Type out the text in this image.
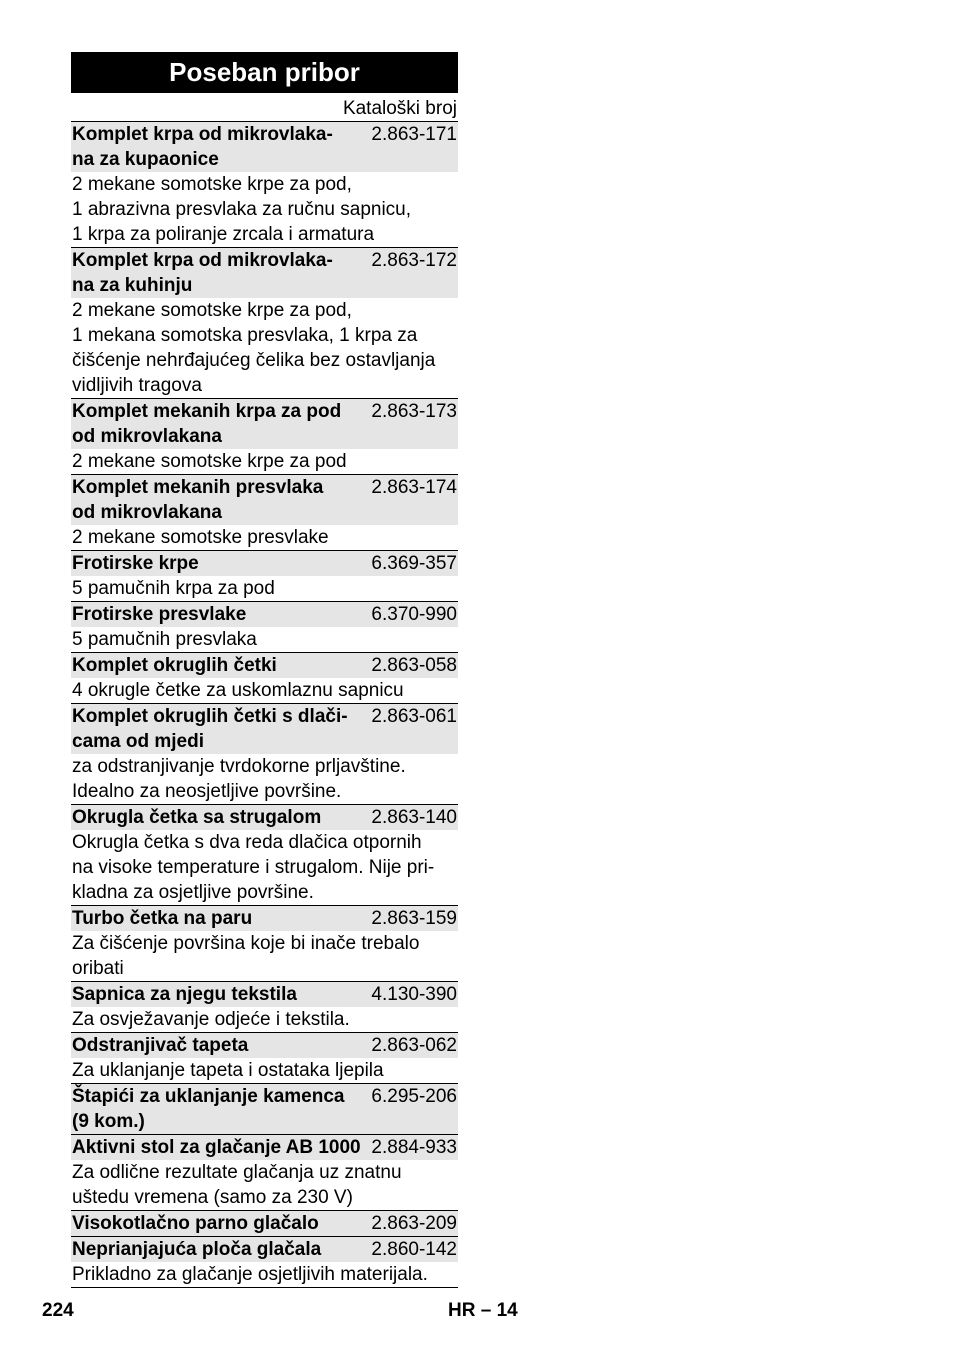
Poseban pribor
Kataloški broj
Komplet krpa od mikrovlaka-
na za kupaonice
2.863-171
2 mekane somotske krpe za pod,
1 abrazivna presvlaka za ručnu sapnicu,
1 krpa za poliranje zrcala i armatura
Komplet krpa od mikrovlaka-
na za kuhinju
2.863-172
2 mekane somotske krpe za pod,
1 mekana somotska presvlaka, 1 krpa za
čišćenje nehrđajućeg čelika bez ostavljanja
vidljivih tragova
Komplet mekanih krpa za pod
od mikrovlakana
2.863-173
2 mekane somotske krpe za pod
Komplet mekanih presvlaka
od mikrovlakana
2.863-174
2 mekane somotske presvlake
Frotirske krpe	6.369-357
5 pamučnih krpa za pod
Frotirske presvlake	6.370-990
5 pamučnih presvlaka
Komplet okruglih četki	2.863-058
4 okrugle četke za uskomlaznu sapnicu
Komplet okruglih četki s dlači-
cama od mjedi
2.863-061
za odstranjivanje tvrdokorne prljavštine.
Idealno za neosjetljive površine.
Okrugla četka sa strugalom	2.863-140
Okrugla četka s dva reda dlačica otpornih
na visoke temperature i strugalom. Nije pri-
kladna za osjetljive površine.
Turbo četka na paru	2.863-159
Za čišćenje površina koje bi inače trebalo
oribati
Sapnica za njegu tekstila	4.130-390
Za osvježavanje odjeće i tekstila.
Odstranjivač tapeta	2.863-062
Za uklanjanje tapeta i ostataka ljepila
Štapići za uklanjanje kamenca
(9 kom.)
6.295-206
Aktivni stol za glačanje AB 1000 2.884-933
Za odlične rezultate glačanja uz znatnu
uštedu vremena (samo za 230 V)
Visokotlačno parno glačalo	2.863-209
Neprianjajuća ploča glačala	2.860-142
Prikladno za glačanje osjetljivih materijala.
224	HR – 14
